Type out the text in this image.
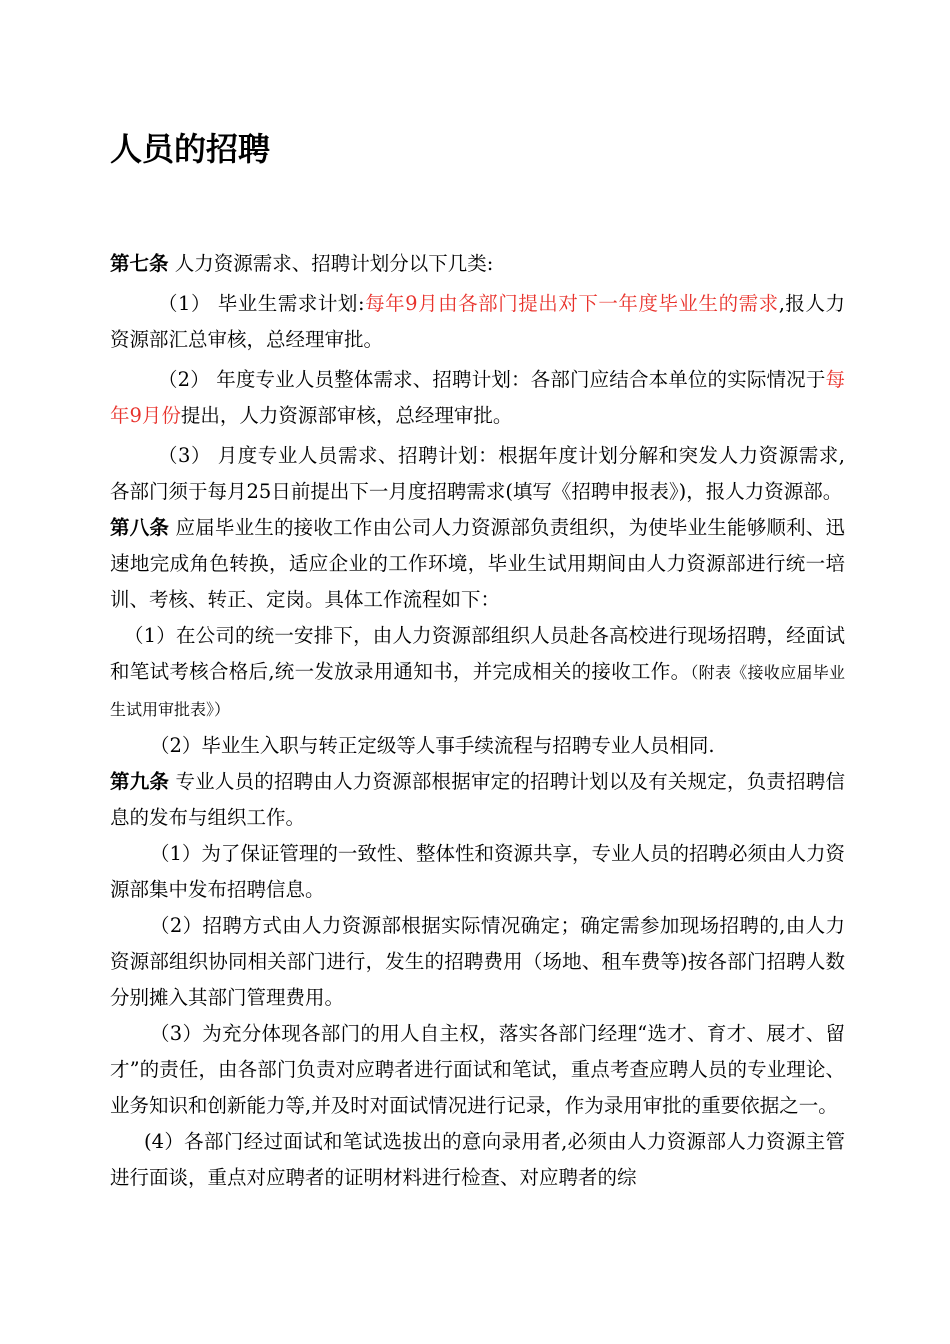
人员的招聘

第七条 人力资源需求、招聘计划分以下几类:

（1） 毕业生需求计划:每年9月由各部门提出对下一年度毕业生的需求,报人力资源部汇总审核，总经理审批。

（2） 年度专业人员整体需求、招聘计划：各部门应结合本单位的实际情况于每年9月份提出，人力资源部审核，总经理审批。

（3） 月度专业人员需求、招聘计划：根据年度计划分解和突发人力资源需求,各部门须于每月25日前提出下一月度招聘需求(填写《招聘申报表》)，报人力资源部。

第八条 应届毕业生的接收工作由公司人力资源部负责组织，为使毕业生能够顺利、迅速地完成角色转换，适应企业的工作环境，毕业生试用期间由人力资源部进行统一培训、考核、转正、定岗。具体工作流程如下：

（1）在公司的统一安排下，由人力资源部组织人员赴各高校进行现场招聘，经面试和笔试考核合格后,统一发放录用通知书，并完成相关的接收工作。（附表《接收应届毕业生试用审批表》）

（2）毕业生入职与转正定级等人事手续流程与招聘专业人员相同.

第九条 专业人员的招聘由人力资源部根据审定的招聘计划以及有关规定，负责招聘信息的发布与组织工作。

（1）为了保证管理的一致性、整体性和资源共享，专业人员的招聘必须由人力资源部集中发布招聘信息。

（2）招聘方式由人力资源部根据实际情况确定；确定需参加现场招聘的,由人力资源部组织协同相关部门进行，发生的招聘费用（场地、租车费等)按各部门招聘人数分别摊入其部门管理费用。

（3）为充分体现各部门的用人自主权，落实各部门经理“选才、育才、展才、留才”的责任，由各部门负责对应聘者进行面试和笔试，重点考查应聘人员的专业理论、业务知识和创新能力等,并及时对面试情况进行记录，作为录用审批的重要依据之一。

(4）各部门经过面试和笔试选拔出的意向录用者,必须由人力资源部人力资源主管进行面谈，重点对应聘者的证明材料进行检查、对应聘者的综
